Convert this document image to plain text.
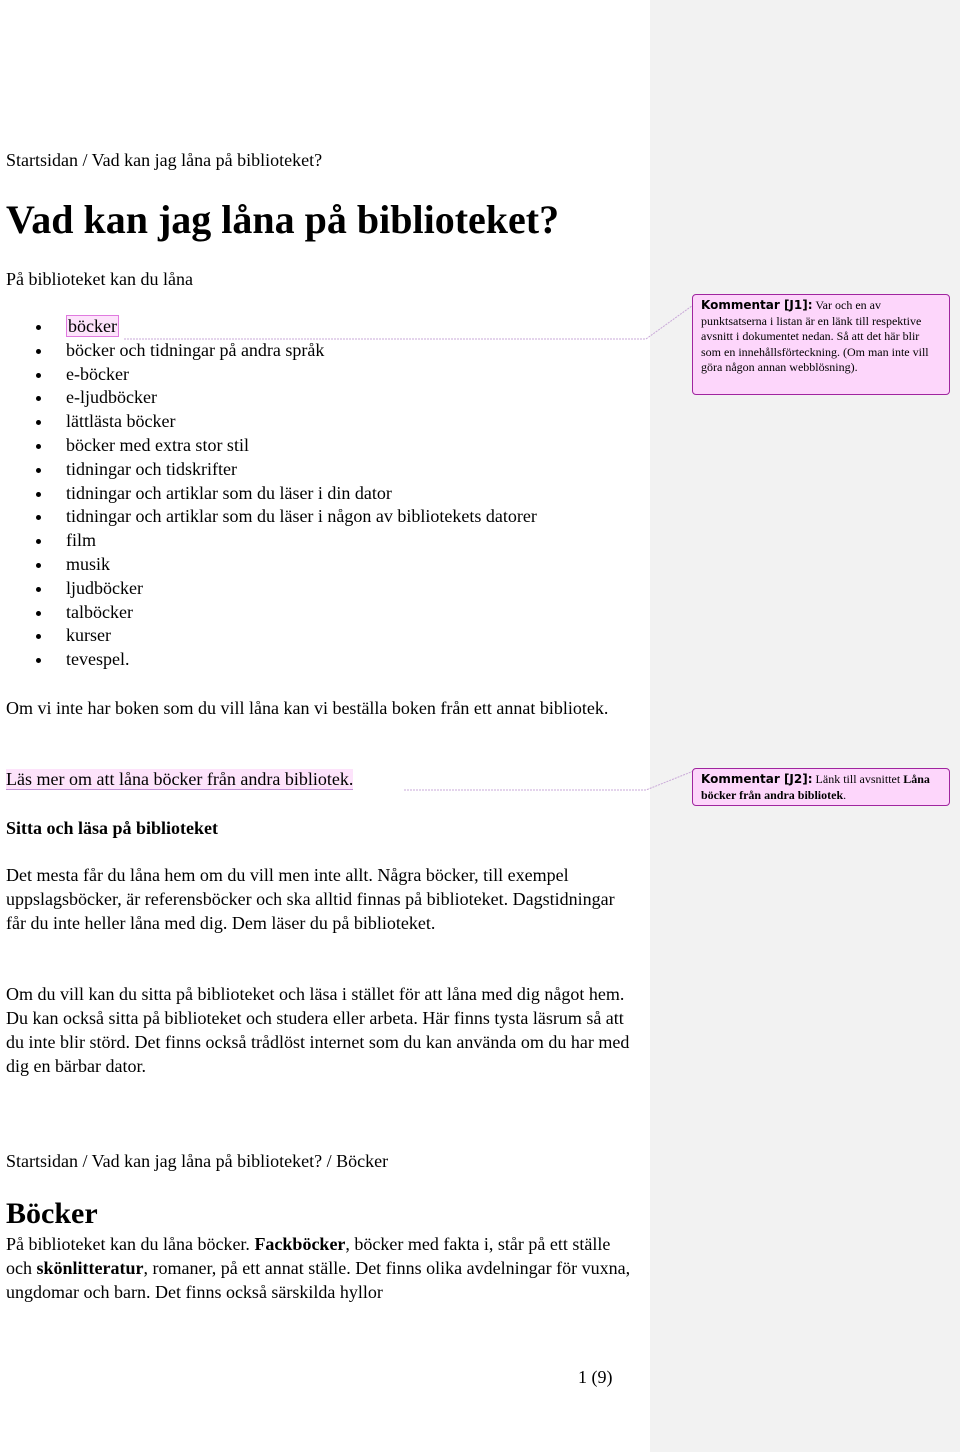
Startsidan / Vad kan jag låna på biblioteket?
Vad kan jag låna på biblioteket?
På biblioteket kan du låna
böcker
böcker och tidningar på andra språk
e-böcker
e-ljudböcker
lättlästa böcker
böcker med extra stor stil
tidningar och tidskrifter
tidningar och artiklar som du läser i din dator
tidningar och artiklar som du läser i någon av bibliotekets datorer
film
musik
ljudböcker
talböcker
kurser
tevespel.
Om vi inte har boken som du vill låna kan vi beställa boken från ett annat bibliotek.
Läs mer om att låna böcker från andra bibliotek.
Sitta och läsa på biblioteket
Det mesta får du låna hem om du vill men inte allt. Några böcker, till exempel uppslagsböcker, är referensböcker och ska alltid finnas på biblioteket. Dagstidningar får du inte heller låna med dig. Dem läser du på biblioteket.
Om du vill kan du sitta på biblioteket och läsa i stället för att låna med dig något hem. Du kan också sitta på biblioteket och studera eller arbeta. Här finns tysta läsrum så att du inte blir störd. Det finns också trådlöst internet som du kan använda om du har med dig en bärbar dator.
Startsidan / Vad kan jag låna på biblioteket? / Böcker
Böcker
På biblioteket kan du låna böcker. Fackböcker, böcker med fakta i, står på ett ställe och skönlitteratur, romaner, på ett annat ställe. Det finns olika avdelningar för vuxna, ungdomar och barn. Det finns också särskilda hyllor
1 (9)
Kommentar [J1]: Var och en av punktsatserna i listan är en länk till respektive avsnitt i dokumentet nedan. Så att det här blir som en innehållsförteckning. (Om man inte vill göra någon annan webblösning).
Kommentar [J2]: Länk till avsnittet Låna böcker från andra bibliotek.
